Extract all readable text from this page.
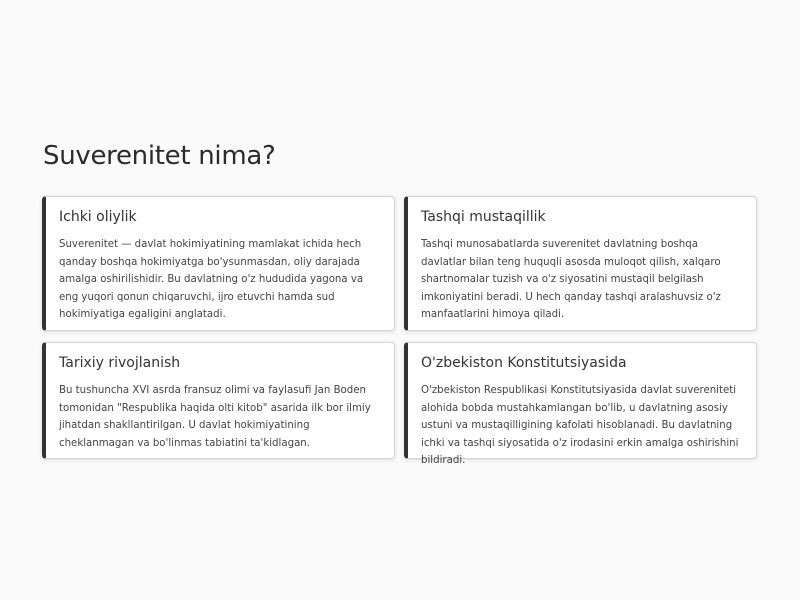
Suverenitet nima?
Ichki oliylik

Suverenitet — davlat hokimiyatining mamlakat ichida hech qanday boshqa hokimiyatga bo'ysunmasdan, oliy darajada amalga oshirilishidir. Bu davlatning o'z hududida yagona va eng yuqori qonun chiqaruvchi, ijro etuvchi hamda sud hokimiyatiga egaligini anglatadi.

Tashqi mustaqillik

Tashqi munosabatlarda suverenitet davlatning boshqa davlatlar bilan teng huquqli asosda muloqot qilish, xalqaro shartnomalar tuzish va o'z siyosatini mustaqil belgilash imkoniyatini beradi. U hech qanday tashqi aralashuvsiz o'z manfaatlarini himoya qiladi.

Tarixiy rivojlanish

Bu tushuncha XVI asrda fransuz olimi va faylasufi Jan Boden tomonidan "Respublika haqida olti kitob" asarida ilk bor ilmiy jihatdan shakllantirilgan. U davlat hokimiyatining cheklanmagan va bo'linmas tabiatini ta'kidlagan.

O'zbekiston Konstitutsiyasida

O'zbekiston Respublikasi Konstitutsiyasida davlat suvereniteti alohida bobda mustahkamlangan bo'lib, u davlatning asosiy ustuni va mustaqilligining kafolati hisoblanadi. Bu davlatning ichki va tashqi siyosatida o'z irodasini erkin amalga oshirishini bildiradi.
